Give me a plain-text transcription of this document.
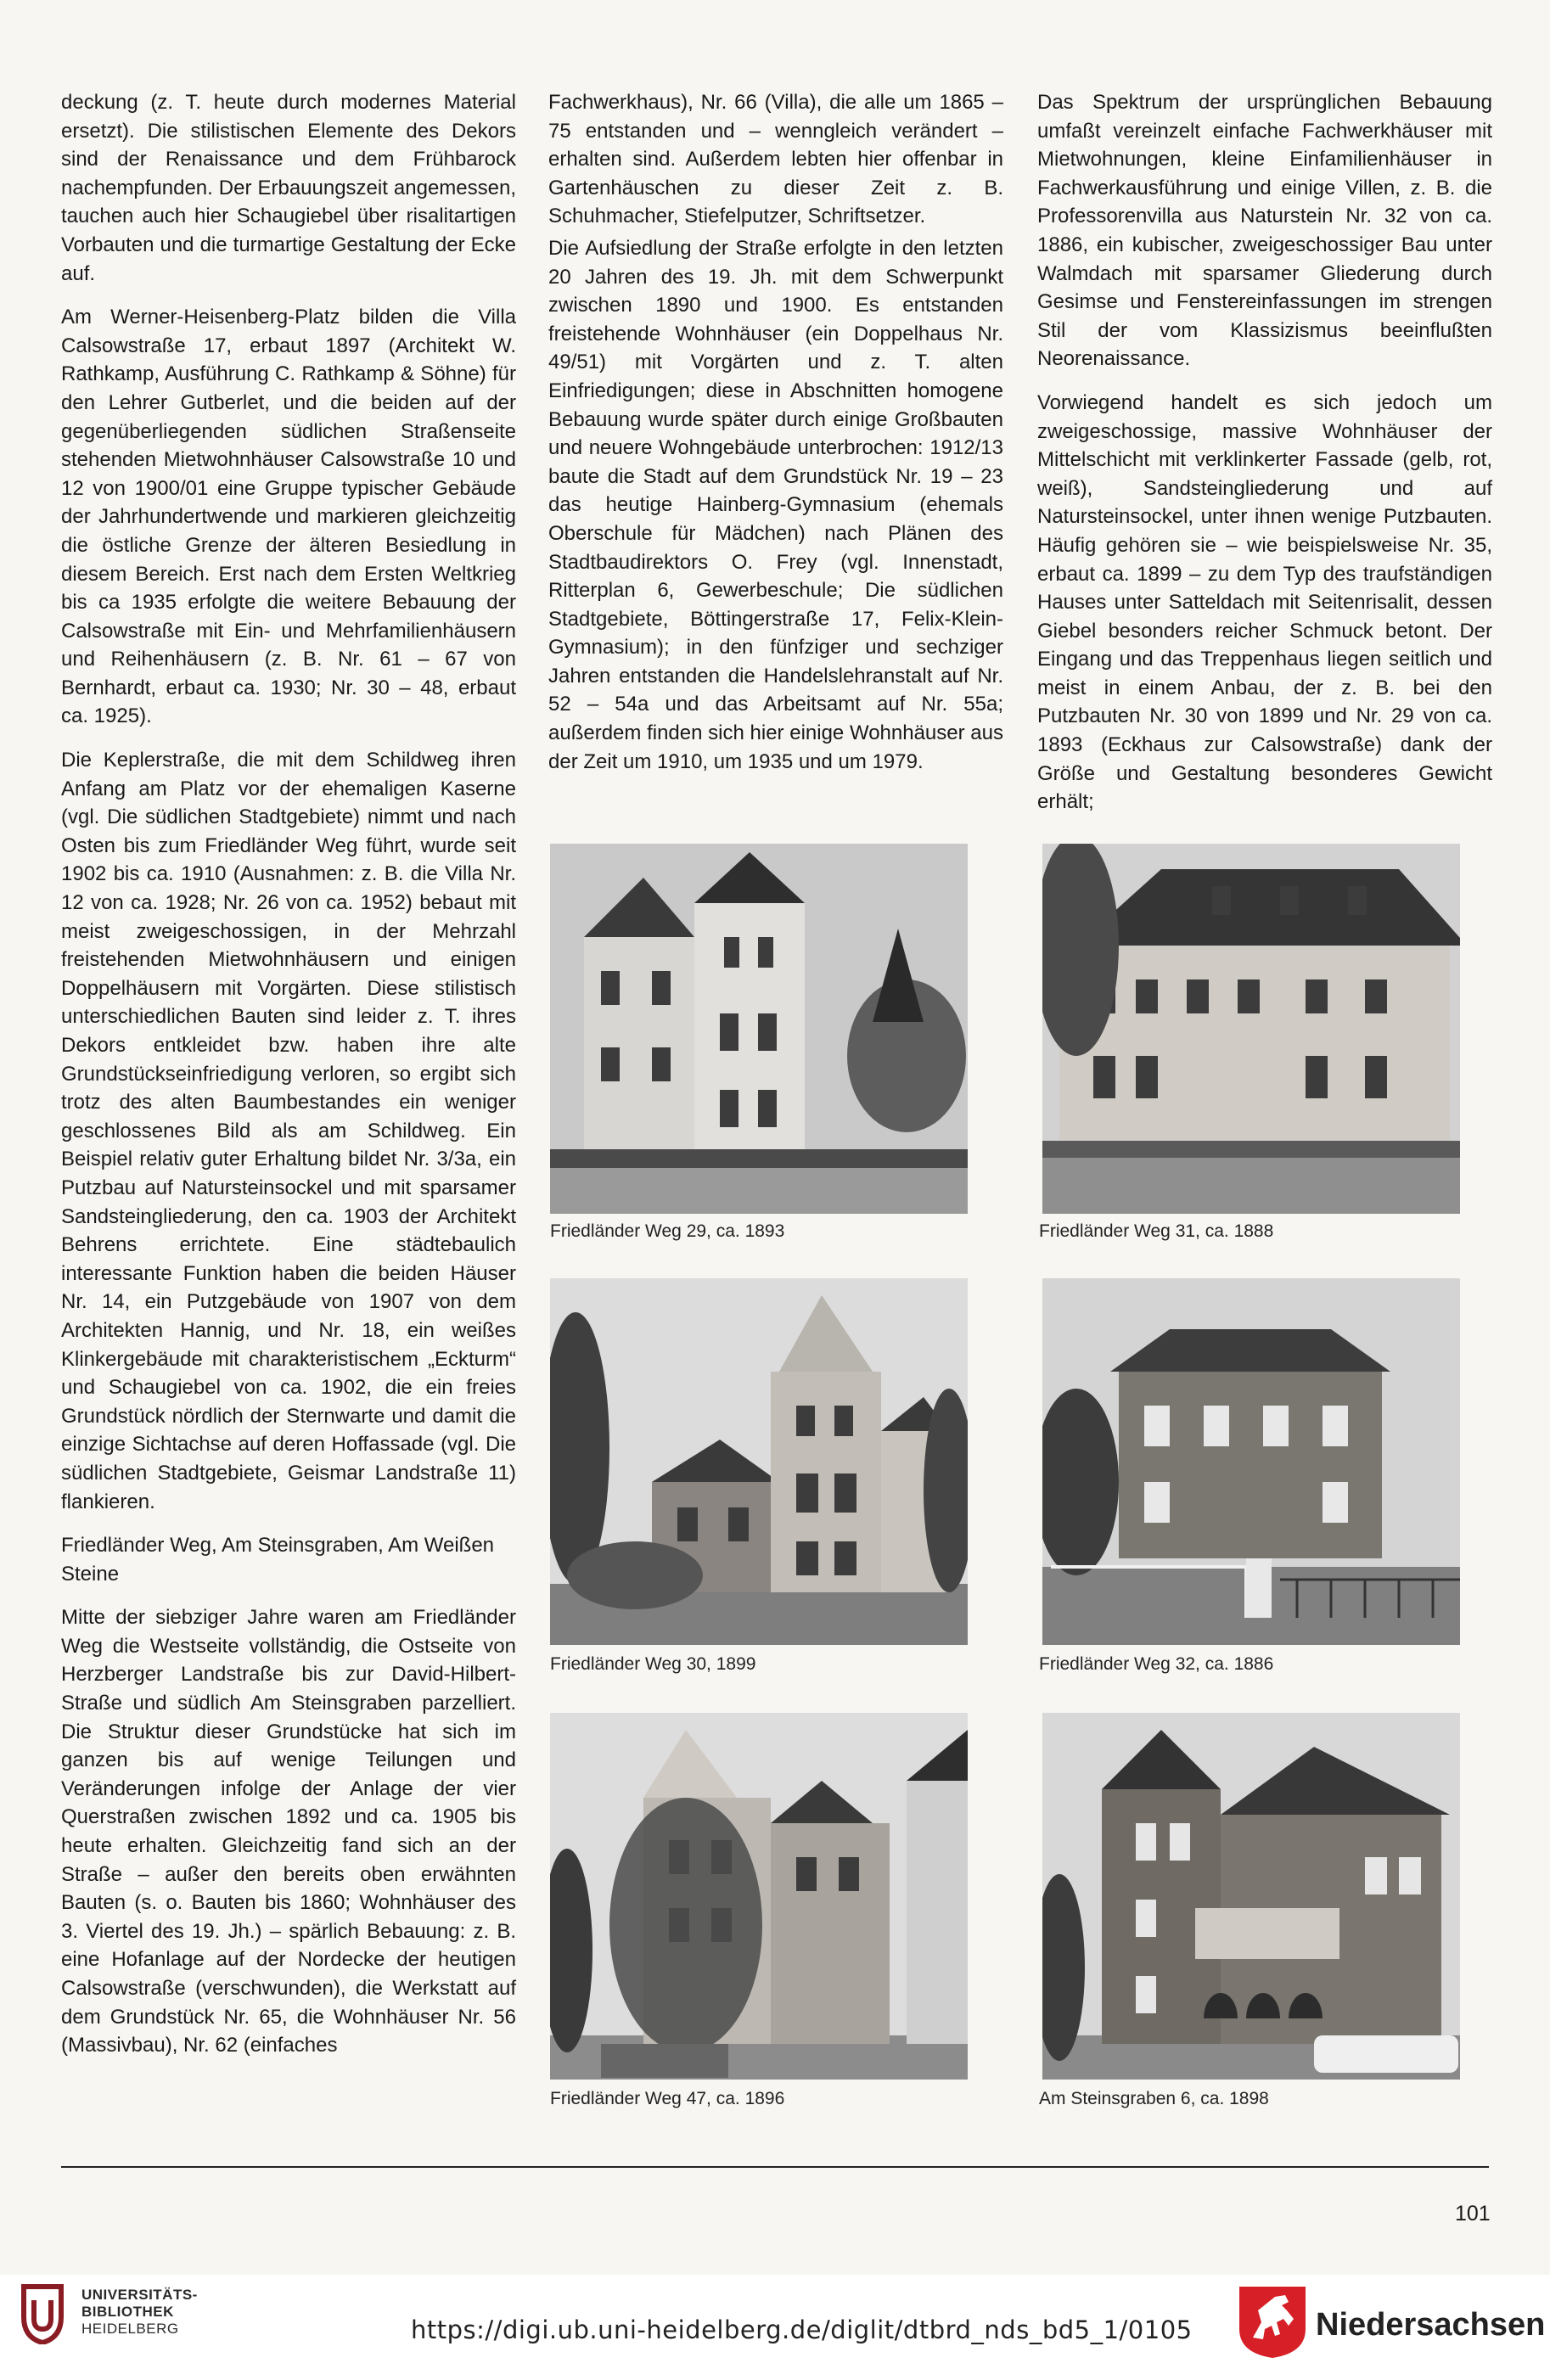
deckung (z. T. heute durch modernes Material ersetzt). Die stilistischen Elemente des Dekors sind der Renaissance und dem Frühbarock nachempfunden. Der Erbauungszeit angemessen, tauchen auch hier Schaugiebel über risalitartigen Vorbauten und die turmartige Gestaltung der Ecke auf.

Am Werner-Heisenberg-Platz bilden die Villa Calsowstraße 17, erbaut 1897 (Architekt W. Rathkamp, Ausführung C. Rathkamp & Söhne) für den Lehrer Gutberlet, und die beiden auf der gegenüberliegenden südlichen Straßenseite stehenden Mietwohnhäuser Calsowstraße 10 und 12 von 1900/01 eine Gruppe typischer Gebäude der Jahrhundertwende und markieren gleichzeitig die östliche Grenze der älteren Besiedlung in diesem Bereich. Erst nach dem Ersten Weltkrieg bis ca 1935 erfolgte die weitere Bebauung der Calsowstraße mit Ein- und Mehrfamilienhäusern und Reihenhäusern (z. B. Nr. 61 – 67 von Bernhardt, erbaut ca. 1930; Nr. 30 – 48, erbaut ca. 1925).

Die Keplerstraße, die mit dem Schildweg ihren Anfang am Platz vor der ehemaligen Kaserne (vgl. Die südlichen Stadtgebiete) nimmt und nach Osten bis zum Friedländer Weg führt, wurde seit 1902 bis ca. 1910 (Ausnahmen: z. B. die Villa Nr. 12 von ca. 1928; Nr. 26 von ca. 1952) bebaut mit meist zweigeschossigen, in der Mehrzahl freistehenden Mietwohnhäusern und einigen Doppelhäusern mit Vorgärten. Diese stilistisch unterschiedlichen Bauten sind leider z. T. ihres Dekors entkleidet bzw. haben ihre alte Grundstückseinfriedigung verloren, so ergibt sich trotz des alten Baumbestandes ein weniger geschlossenes Bild als am Schildweg. Ein Beispiel relativ guter Erhaltung bildet Nr. 3/3a, ein Putzbau auf Natursteinsockel und mit sparsamer Sandsteingliederung, den ca. 1903 der Architekt Behrens errichtete. Eine städtebaulich interessante Funktion haben die beiden Häuser Nr. 14, ein Putzgebäude von 1907 von dem Architekten Hannig, und Nr. 18, ein weißes Klinkergebäude mit charakteristischem „Eckturm“ und Schaugiebel von ca. 1902, die ein freies Grundstück nördlich der Sternwarte und damit die einzige Sichtachse auf deren Hoffassade (vgl. Die südlichen Stadtgebiete, Geismar Landstraße 11) flankieren.

Friedländer Weg, Am Steinsgraben, Am Weißen Steine

Mitte der siebziger Jahre waren am Friedländer Weg die Westseite vollständig, die Ostseite von Herzberger Landstraße bis zur David-Hilbert-Straße und südlich Am Steinsgraben parzelliert. Die Struktur dieser Grundstücke hat sich im ganzen bis auf wenige Teilungen und Veränderungen infolge der Anlage der vier Querstraßen zwischen 1892 und ca. 1905 bis heute erhalten. Gleichzeitig fand sich an der Straße – außer den bereits oben erwähnten Bauten (s. o. Bauten bis 1860; Wohnhäuser des 3. Viertel des 19. Jh.) – spärlich Bebauung: z. B. eine Hofanlage auf der Nordecke der heutigen Calsowstraße (verschwunden), die Werkstatt auf dem Grundstück Nr. 65, die Wohnhäuser Nr. 56 (Massivbau), Nr. 62 (einfaches

Fachwerkhaus), Nr. 66 (Villa), die alle um 1865 – 75 entstanden und – wenngleich verändert – erhalten sind. Außerdem lebten hier offenbar in Gartenhäuschen zu dieser Zeit z. B. Schuhmacher, Stiefelputzer, Schriftsetzer.

Die Aufsiedlung der Straße erfolgte in den letzten 20 Jahren des 19. Jh. mit dem Schwerpunkt zwischen 1890 und 1900. Es entstanden freistehende Wohnhäuser (ein Doppelhaus Nr. 49/51) mit Vorgärten und z. T. alten Einfriedigungen; diese in Abschnitten homogene Bebauung wurde später durch einige Großbauten und neuere Wohngebäude unterbrochen: 1912/13 baute die Stadt auf dem Grundstück Nr. 19 – 23 das heutige Hainberg-Gymnasium (ehemals Oberschule für Mädchen) nach Plänen des Stadtbaudirektors O. Frey (vgl. Innenstadt, Ritterplan 6, Gewerbeschule; Die südlichen Stadtgebiete, Böttingerstraße 17, Felix-Klein-Gymnasium); in den fünfziger und sechziger Jahren entstanden die Handelslehranstalt auf Nr. 52 – 54a und das Arbeitsamt auf Nr. 55a; außerdem finden sich hier einige Wohnhäuser aus der Zeit um 1910, um 1935 und um 1979.

Das Spektrum der ursprünglichen Bebauung umfaßt vereinzelt einfache Fachwerkhäuser mit Mietwohnungen, kleine Einfamilienhäuser in Fachwerkausführung und einige Villen, z. B. die Professorenvilla aus Naturstein Nr. 32 von ca. 1886, ein kubischer, zweigeschossiger Bau unter Walmdach mit sparsamer Gliederung durch Gesimse und Fenstereinfassungen im strengen Stil der vom Klassizismus beeinflußten Neorenaissance.

Vorwiegend handelt es sich jedoch um zweigeschossige, massive Wohnhäuser der Mittelschicht mit verklinkerter Fassade (gelb, rot, weiß), Sandsteingliederung und auf Natursteinsockel, unter ihnen wenige Putzbauten. Häufig gehören sie – wie beispielsweise Nr. 35, erbaut ca. 1899 – zu dem Typ des traufständigen Hauses unter Satteldach mit Seitenrisalit, dessen Giebel besonders reicher Schmuck betont. Der Eingang und das Treppenhaus liegen seitlich und meist in einem Anbau, der z. B. bei den Putzbauten Nr. 30 von 1899 und Nr. 29 von ca. 1893 (Eckhaus zur Calsowstraße) dank der Größe und Gestaltung besonderes Gewicht erhält;

Friedländer Weg 29, ca. 1893	Friedländer Weg 31, ca. 1888
Friedländer Weg 30, 1899	Friedländer Weg 32, ca. 1886
Friedländer Weg 47, ca. 1896	Am Steinsgraben 6, ca. 1898
101
UNIVERSITÄTS-
BIBLIOTHEK
HEIDELBERG	https://digi.ub.uni-heidelberg.de/diglit/dtbrd_nds_bd5_1/0105	Niedersachsen
